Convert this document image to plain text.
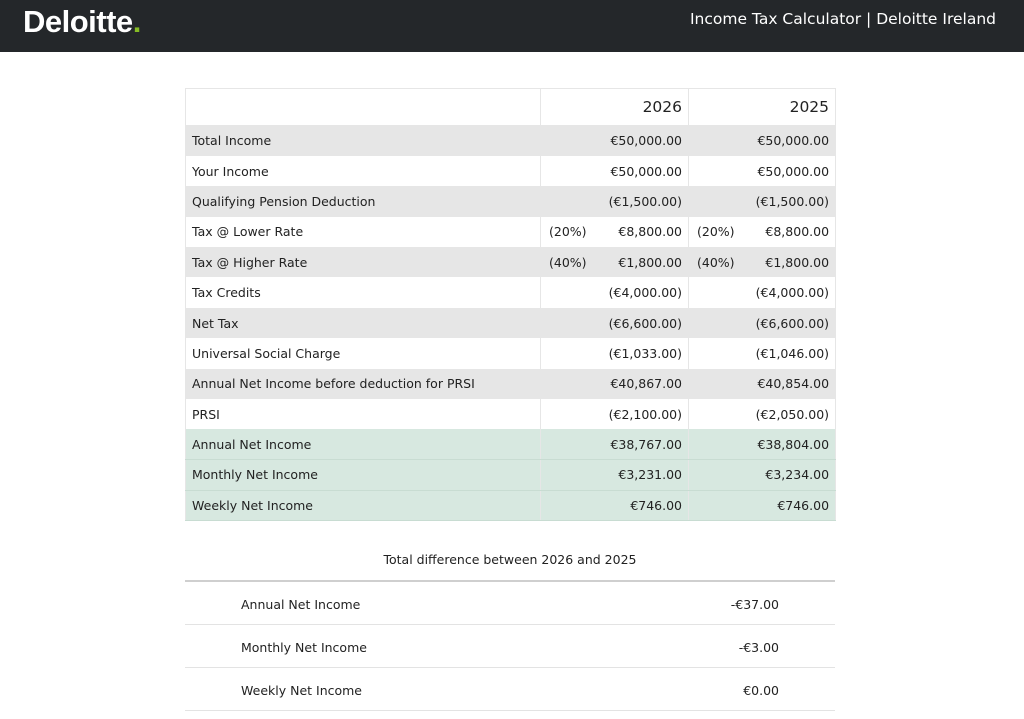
Deloitte.	Income Tax Calculator | Deloitte Ireland
	2026		2025	
Total Income	€50,000.00		€50,000.00	
Your Income	€50,000.00		€50,000.00	
Qualifying Pension Deduction	(€1,500.00)		(€1,500.00)	
Tax @ Lower Rate	(20%)	€8,800.00	(20%)	€8,800.00
Tax @ Higher Rate	(40%)	€1,800.00	(40%)	€1,800.00
Tax Credits	(€4,000.00)		(€4,000.00)	
Net Tax	(€6,600.00)		(€6,600.00)	
Universal Social Charge	(€1,033.00)		(€1,046.00)	
Annual Net Income before deduction for PRSI	€40,867.00		€40,854.00	
PRSI	(€2,100.00)		(€2,050.00)	
Annual Net Income	€38,767.00		€38,804.00	
Monthly Net Income	€3,231.00		€3,234.00	
Weekly Net Income	€746.00		€746.00	
Total difference between 2026 and 2025
Annual Net Income	-€37.00
Monthly Net Income	-€3.00
Weekly Net Income	€0.00
